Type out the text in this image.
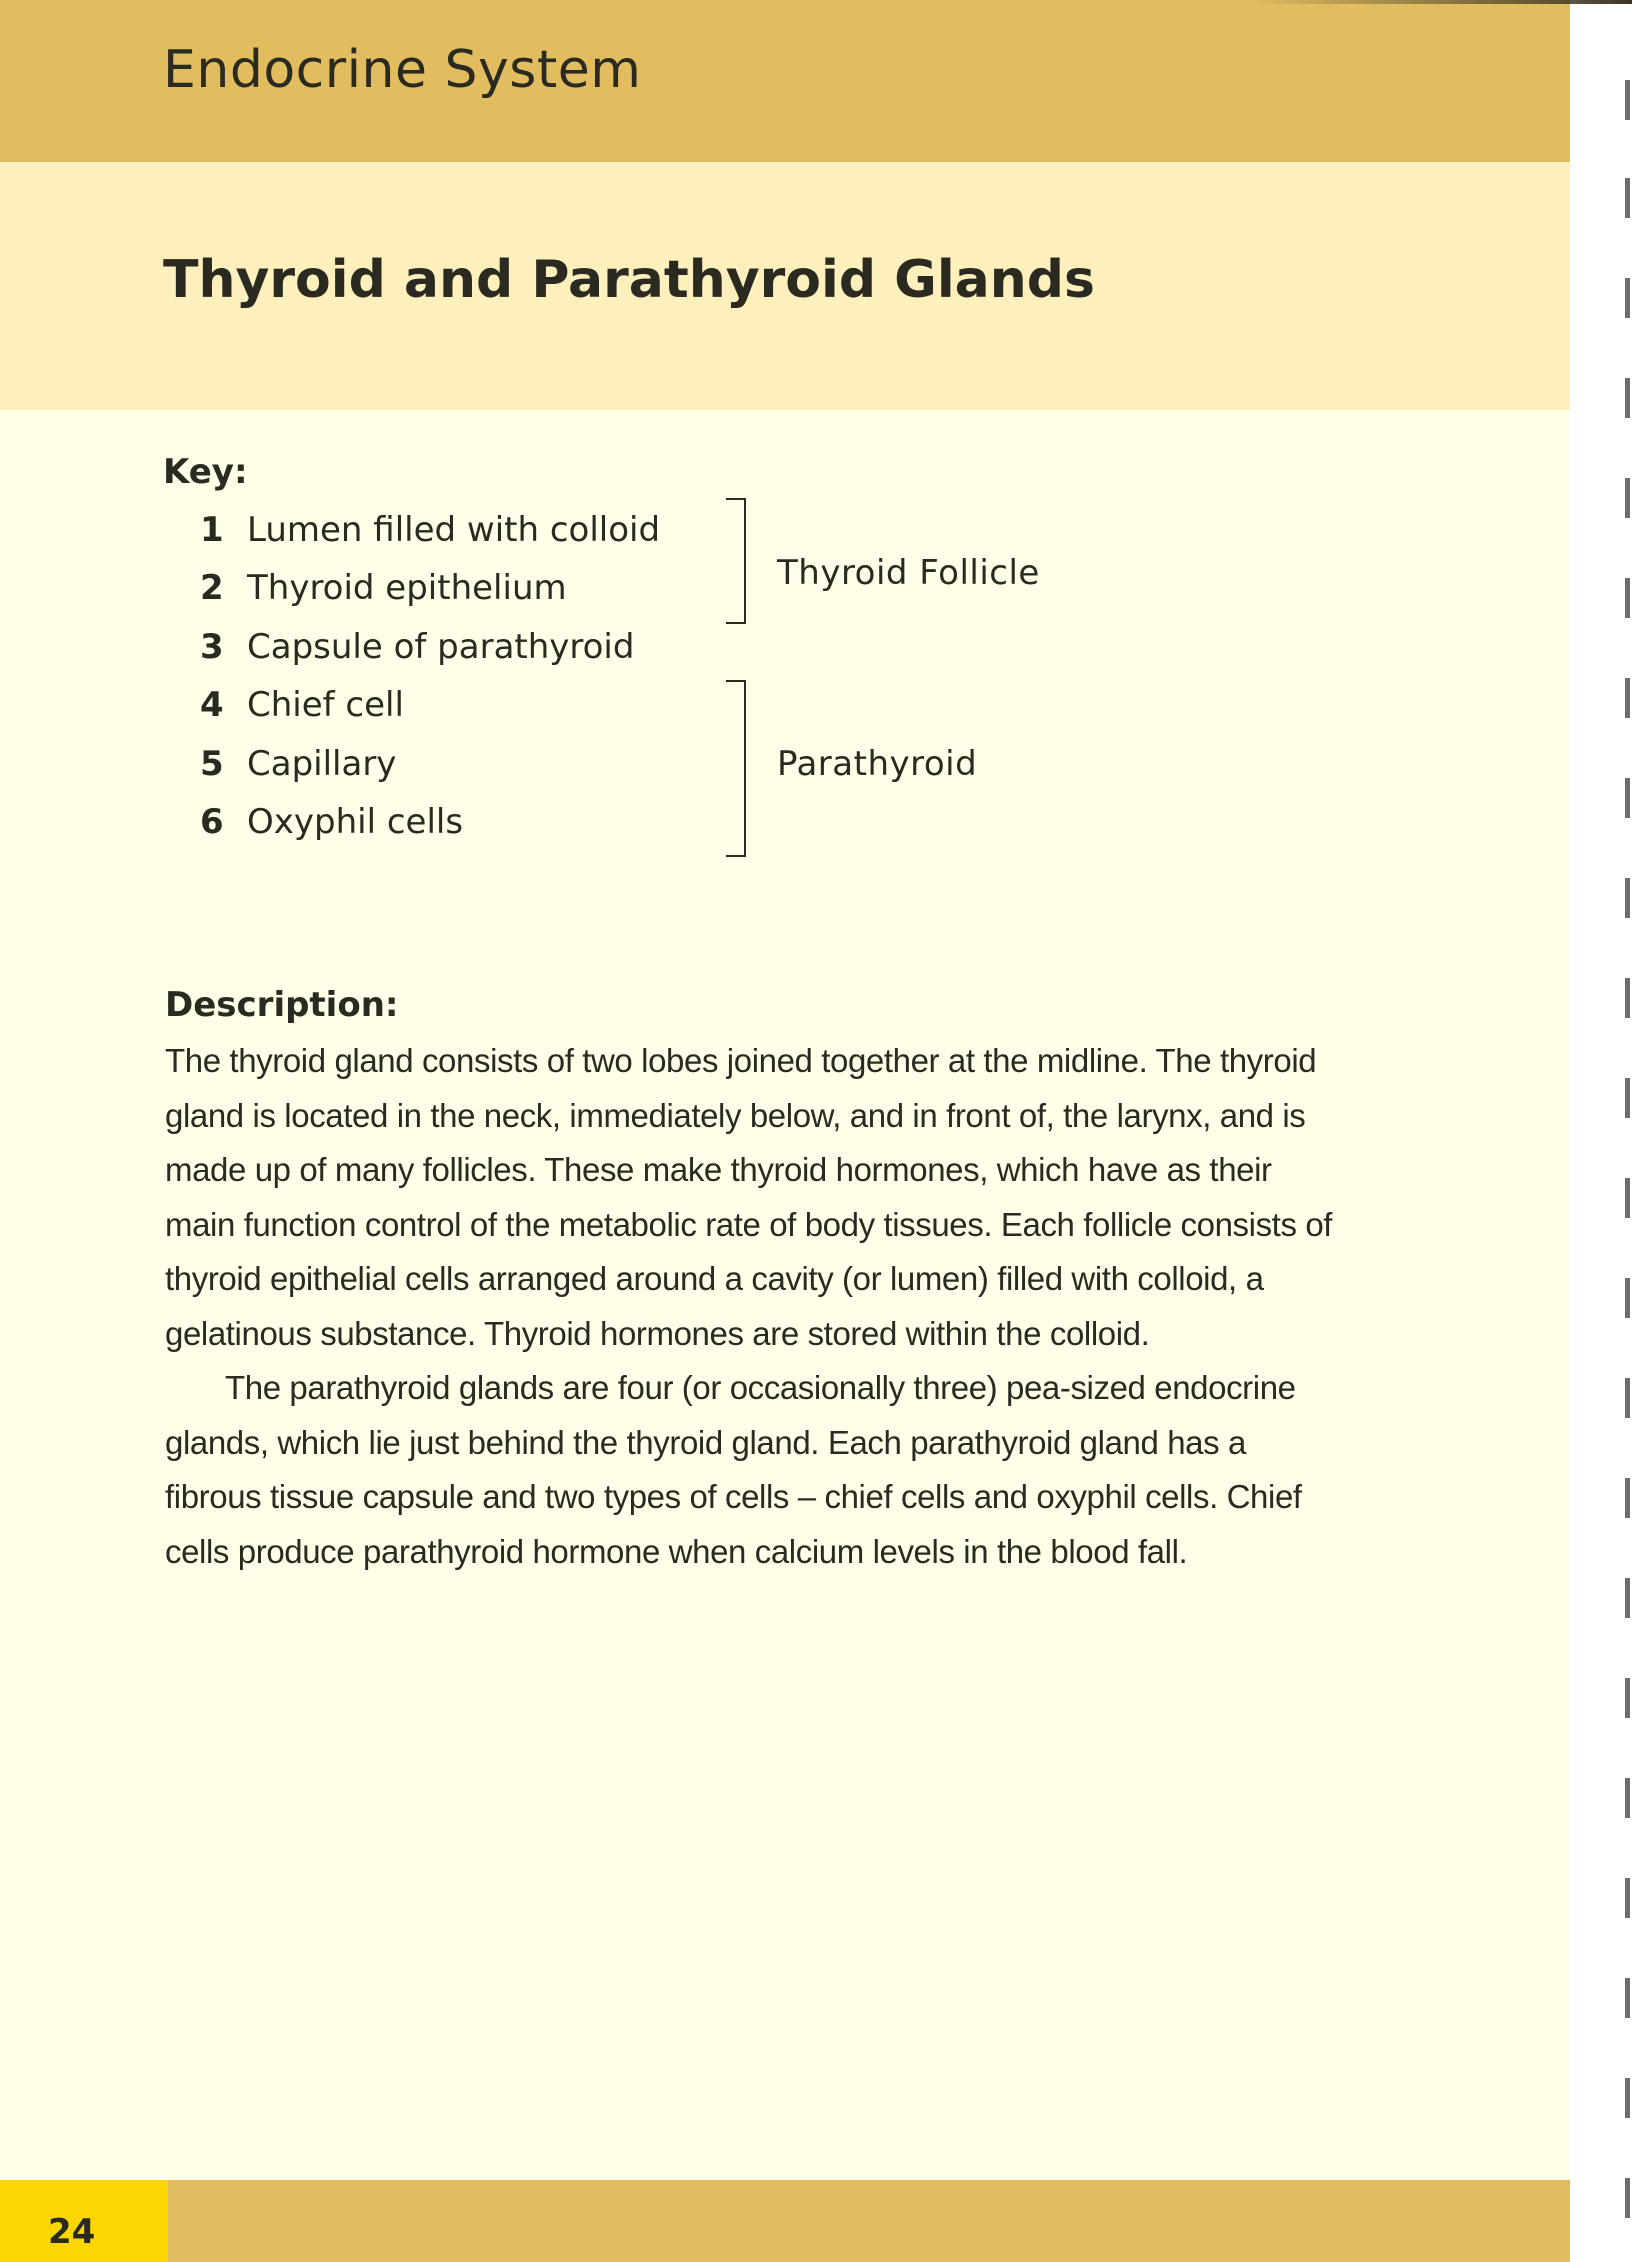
Endocrine System
Thyroid and Parathyroid Glands
Key:
1 Lumen filled with colloid
2 Thyroid epithelium
3 Capsule of parathyroid
4 Chief cell
5 Capillary
6 Oxyphil cells
Thyroid Follicle
Parathyroid
Description:

The thyroid gland consists of two lobes joined together at the midline. The thyroid gland is located in the neck, immediately below, and in front of, the larynx, and is made up of many follicles. These make thyroid hormones, which have as their main function control of the metabolic rate of body tissues. Each follicle consists of thyroid epithelial cells arranged around a cavity (or lumen) filled with colloid, a gelatinous substance. Thyroid hormones are stored within the colloid.

The parathyroid glands are four (or occasionally three) pea-sized endocrine glands, which lie just behind the thyroid gland. Each parathyroid gland has a fibrous tissue capsule and two types of cells – chief cells and oxyphil cells. Chief cells produce parathyroid hormone when calcium levels in the blood fall.

24
